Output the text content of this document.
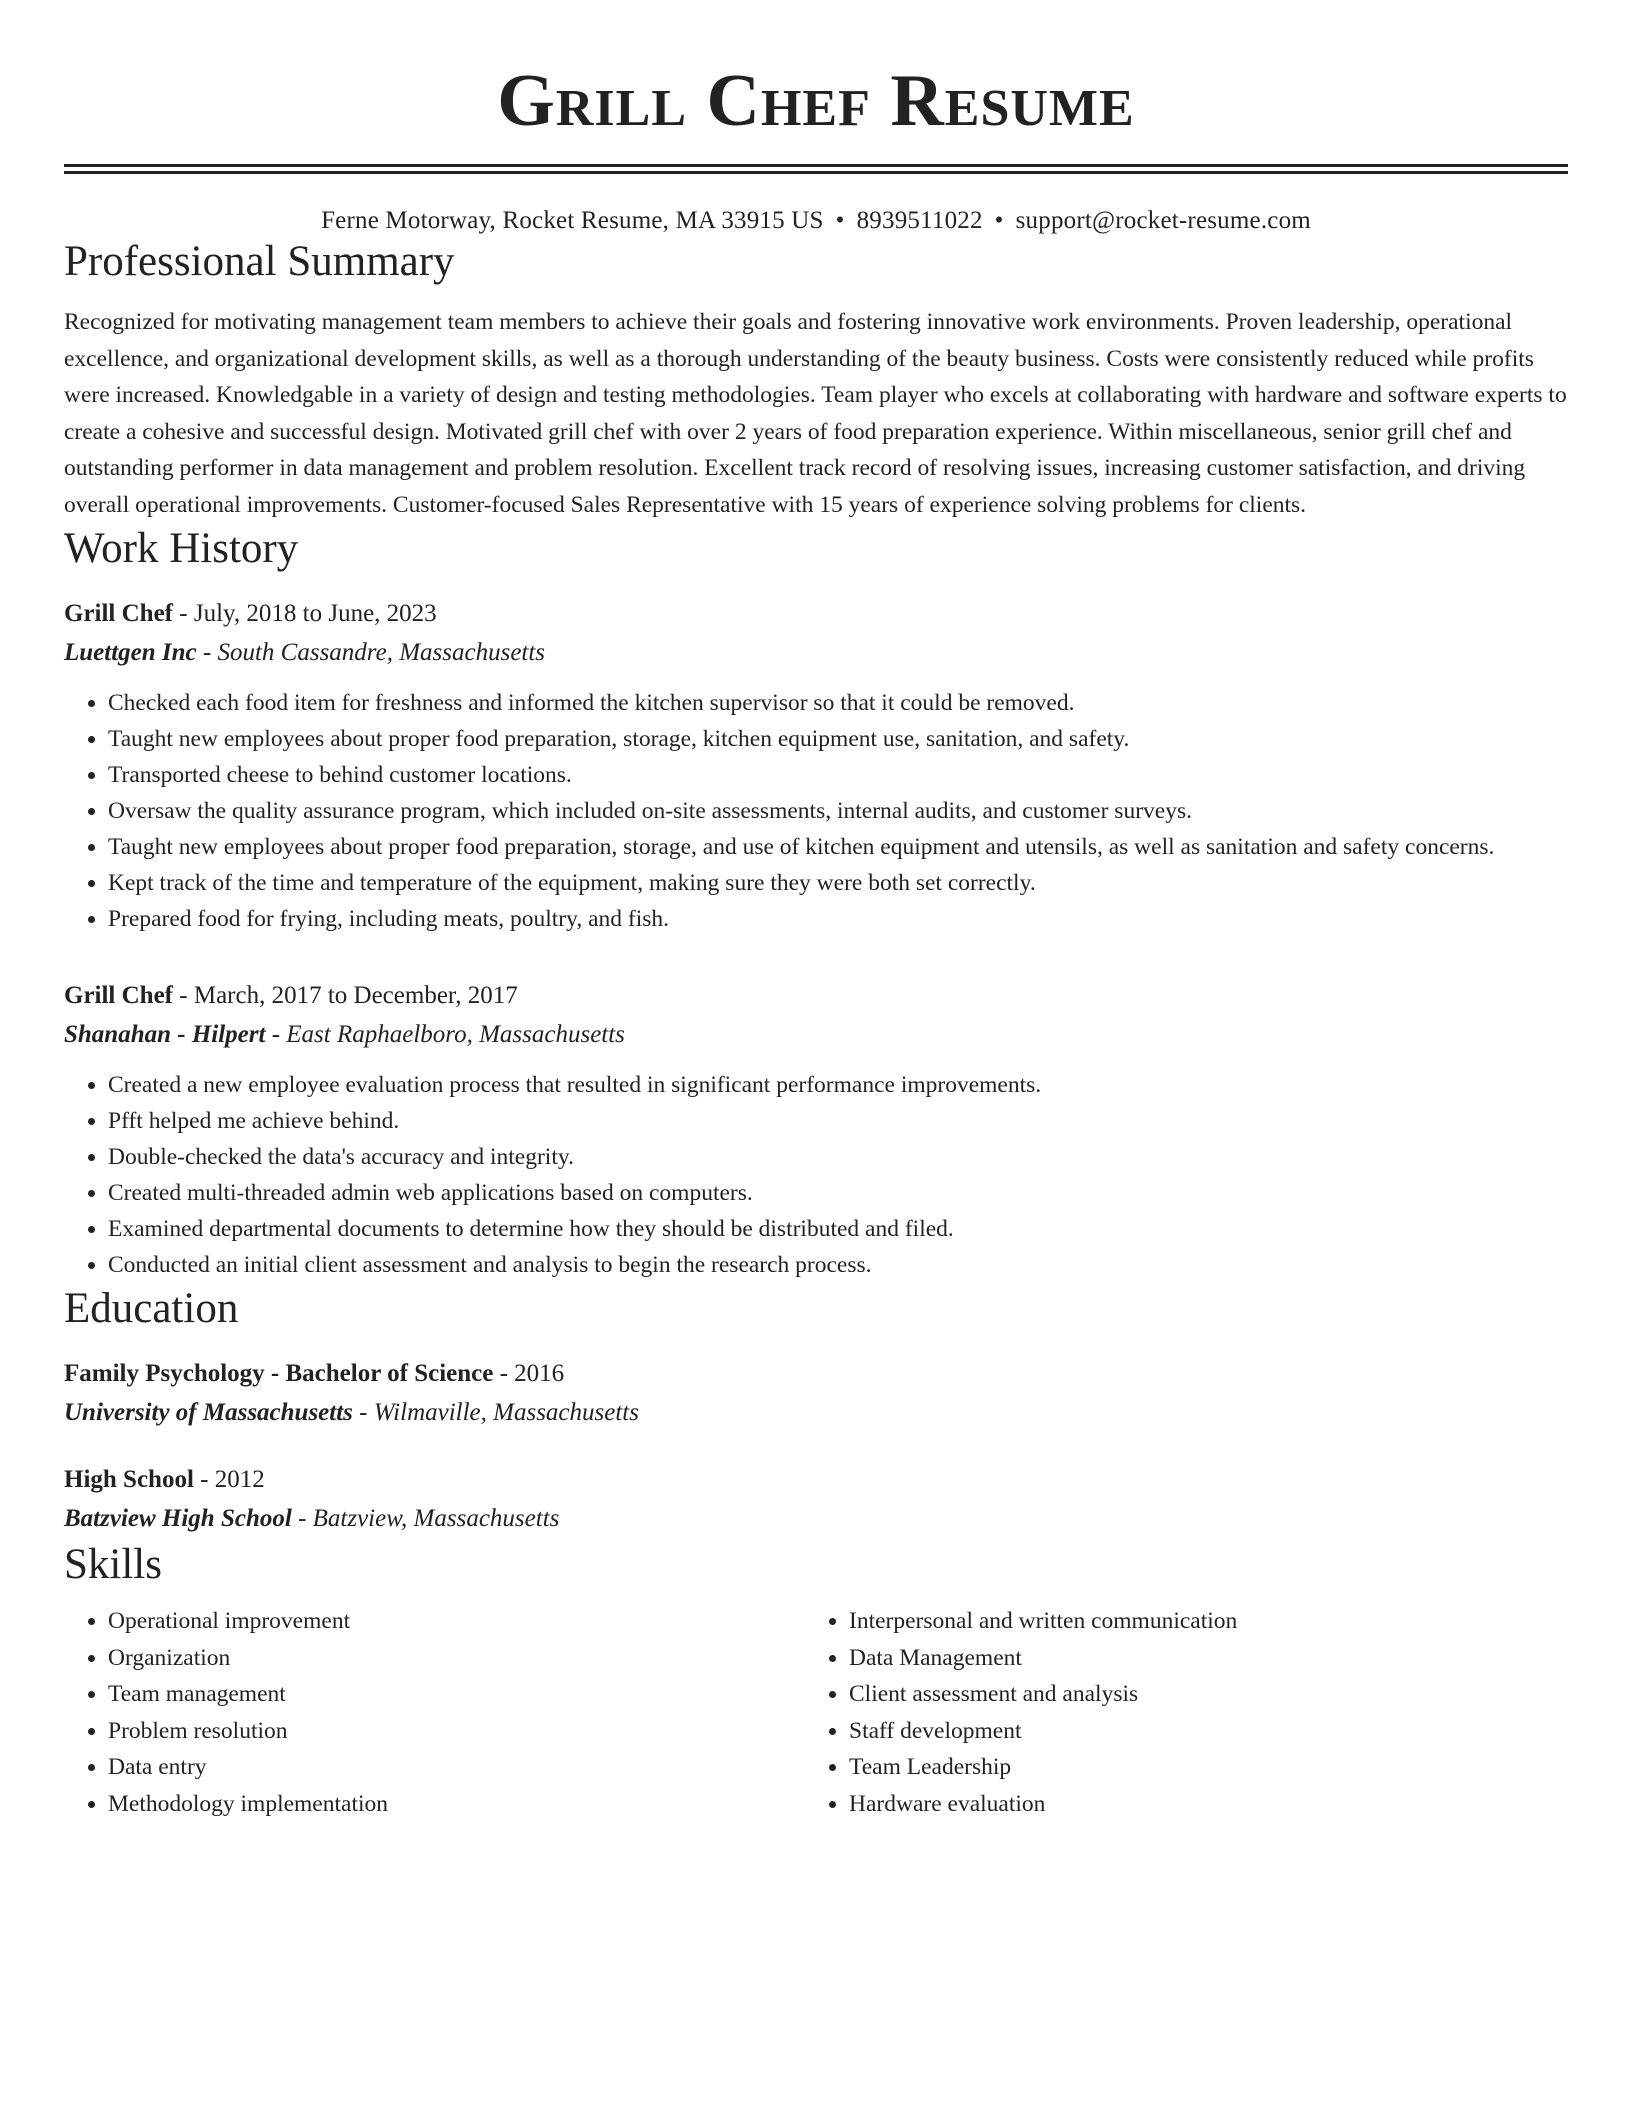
Grill Chef Resume
Ferne Motorway, Rocket Resume, MA 33915 US • 8939511022 • support@rocket-resume.com
Professional Summary
Recognized for motivating management team members to achieve their goals and fostering innovative work environments. Proven leadership, operational excellence, and organizational development skills, as well as a thorough understanding of the beauty business. Costs were consistently reduced while profits were increased. Knowledgable in a variety of design and testing methodologies. Team player who excels at collaborating with hardware and software experts to create a cohesive and successful design. Motivated grill chef with over 2 years of food preparation experience. Within miscellaneous, senior grill chef and outstanding performer in data management and problem resolution. Excellent track record of resolving issues, increasing customer satisfaction, and driving overall operational improvements. Customer-focused Sales Representative with 15 years of experience solving problems for clients.
Work History
Grill Chef - July, 2018 to June, 2023
Luettgen Inc - South Cassandre, Massachusetts
• Checked each food item for freshness and informed the kitchen supervisor so that it could be removed.
• Taught new employees about proper food preparation, storage, kitchen equipment use, sanitation, and safety.
• Transported cheese to behind customer locations.
• Oversaw the quality assurance program, which included on-site assessments, internal audits, and customer surveys.
• Taught new employees about proper food preparation, storage, and use of kitchen equipment and utensils, as well as sanitation and safety concerns.
• Kept track of the time and temperature of the equipment, making sure they were both set correctly.
• Prepared food for frying, including meats, poultry, and fish.
Grill Chef - March, 2017 to December, 2017
Shanahan - Hilpert - East Raphaelboro, Massachusetts
• Created a new employee evaluation process that resulted in significant performance improvements.
• Pfft helped me achieve behind.
• Double-checked the data's accuracy and integrity.
• Created multi-threaded admin web applications based on computers.
• Examined departmental documents to determine how they should be distributed and filed.
• Conducted an initial client assessment and analysis to begin the research process.
Education
Family Psychology - Bachelor of Science - 2016
University of Massachusetts - Wilmaville, Massachusetts
High School - 2012
Batzview High School - Batzview, Massachusetts
Skills
• Operational improvement
• Organization
• Team management
• Problem resolution
• Data entry
• Methodology implementation
• Interpersonal and written communication
• Data Management
• Client assessment and analysis
• Staff development
• Team Leadership
• Hardware evaluation
